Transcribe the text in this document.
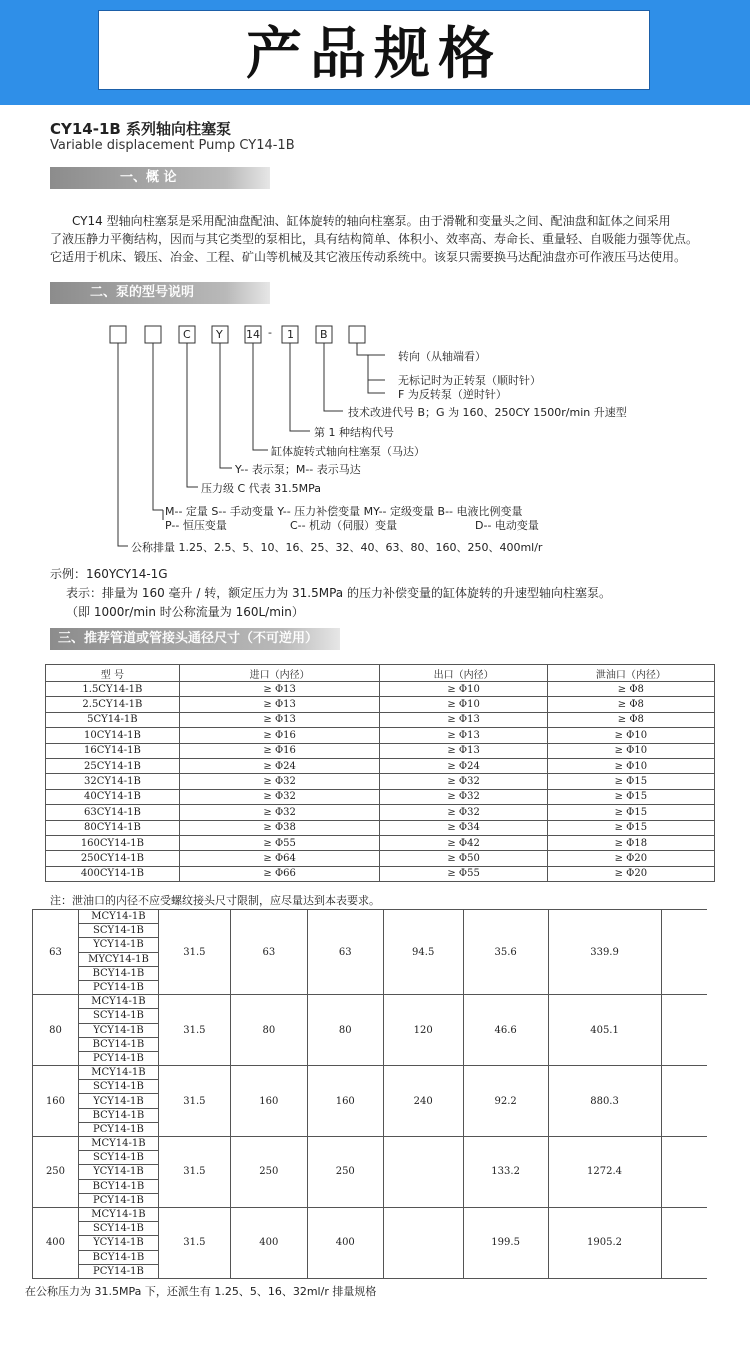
产品规格
CY14-1B 系列轴向柱塞泵
Variable displacement Pump CY14-1B
一、概 论
CY14 型轴向柱塞泵是采用配油盘配油、缸体旋转的轴向柱塞泵。由于滑靴和变量头之间、配油盘和缸体之间采用
了液压静力平衡结构，因而与其它类型的泵相比，具有结构简单、体积小、效率高、寿命长、重量轻、自吸能力强等优点。
它适用于机床、锻压、冶金、工程、矿山等机械及其它液压传动系统中。该泵只需要换马达配油盘亦可作液压马达使用。
二、泵的型号说明
C Y 14 - 1 B
转向（从轴端看）
无标记时为正转泵（顺时针）
F 为反转泵（逆时针）
技术改进代号 B；G 为 160、250CY 1500r/min 升速型
第 1 种结构代号
缸体旋转式轴向柱塞泵（马达）
Y-- 表示泵；M-- 表示马达
压力级 C 代表 31.5MPa
M-- 定量 S-- 手动变量 Y-- 压力补偿变量 MY-- 定级变量 B-- 电液比例变量
P-- 恒压变量	C-- 机动（伺服）变量	D-- 电动变量
公称排量 1.25、2.5、5、10、16、25、32、40、63、80、160、250、400ml/r
示例：160YCY14-1G
表示：排量为 160 毫升 / 转，额定压力为 31.5MPa 的压力补偿变量的缸体旋转的升速型轴向柱塞泵。
（即 1000r/min 时公称流量为 160L/min）
三、推荐管道或管接头通径尺寸（不可逆用）
型 号	进口（内径）	出口（内径）	泄油口（内径）
1.5CY14-1B	≥ Φ13	≥ Φ10	≥ Φ8
2.5CY14-1B	≥ Φ13	≥ Φ10	≥ Φ8
5CY14-1B	≥ Φ13	≥ Φ13	≥ Φ8
10CY14-1B	≥ Φ16	≥ Φ13	≥ Φ10
16CY14-1B	≥ Φ16	≥ Φ13	≥ Φ10
25CY14-1B	≥ Φ24	≥ Φ24	≥ Φ10
32CY14-1B	≥ Φ32	≥ Φ32	≥ Φ15
40CY14-1B	≥ Φ32	≥ Φ32	≥ Φ15
63CY14-1B	≥ Φ32	≥ Φ32	≥ Φ15
80CY14-1B	≥ Φ38	≥ Φ34	≥ Φ15
160CY14-1B	≥ Φ55	≥ Φ42	≥ Φ18
250CY14-1B	≥ Φ64	≥ Φ50	≥ Φ20
400CY14-1B	≥ Φ66	≥ Φ55	≥ Φ20
注：泄油口的内径不应受螺纹接头尺寸限制，应尽量达到本表要求。
63	MCY14-1B	31.5	63	63	94.5	35.6	339.9	
	SCY14-1B							
	YCY14-1B							
	MYCY14-1B							
	BCY14-1B							
	PCY14-1B							
80	MCY14-1B	31.5	80	80	120	46.6	405.1	
	SCY14-1B							
	YCY14-1B							
	BCY14-1B							
	PCY14-1B							
160	MCY14-1B	31.5	160	160	240	92.2	880.3	
	SCY14-1B							
	YCY14-1B							
	BCY14-1B							
	PCY14-1B							
250	MCY14-1B	31.5	250	250		133.2	1272.4	
	SCY14-1B							
	YCY14-1B							
	BCY14-1B							
	PCY14-1B							
400	MCY14-1B	31.5	400	400		199.5	1905.2	
	SCY14-1B							
	YCY14-1B							
	BCY14-1B							
	PCY14-1B							
在公称压力为 31.5MPa 下，还派生有 1.25、5、16、32ml/r 排量规格
